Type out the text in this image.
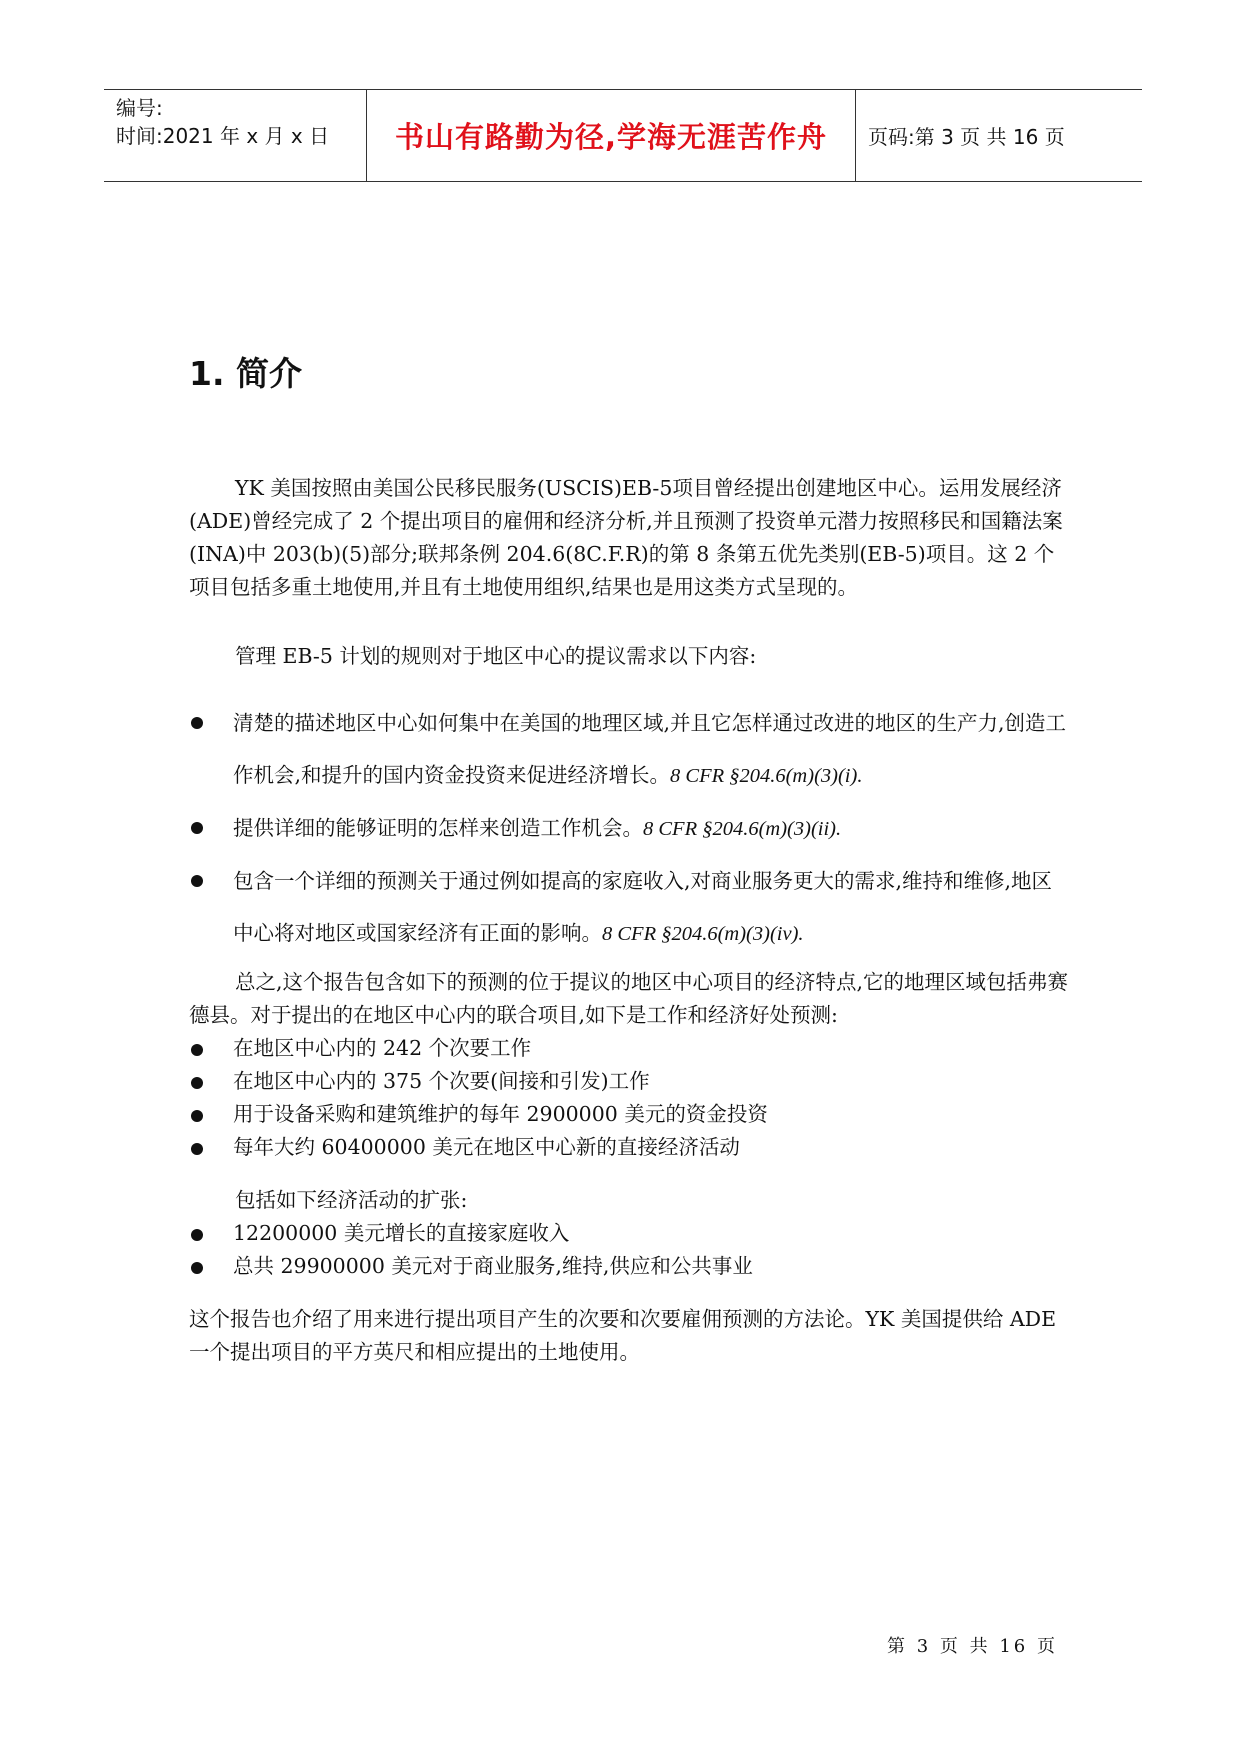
编号:
时间:2021 年 x 月 x 日 书山有路勤为径,学海无涯苦作舟 页码:第 3 页 共 16 页
1. 简介

YK 美国按照由美国公民移民服务(USCIS)EB-5项目曾经提出创建地区中心。运用发展经济(ADE)曾经完成了 2 个提出项目的雇佣和经济分析,并且预测了投资单元潜力按照移民和国籍法案(INA)中 203(b)(5)部分;联邦条例 204.6(8C.F.R)的第 8 条第五优先类别(EB-5)项目。这 2 个项目包括多重土地使用,并且有土地使用组织,结果也是用这类方式呈现的。

管理 EB-5 计划的规则对于地区中心的提议需求以下内容:

清楚的描述地区中心如何集中在美国的地理区域,并且它怎样通过改进的地区的生产力,创造工作机会,和提升的国内资金投资来促进经济增长。8 CFR §204.6(m)(3)(i).

提供详细的能够证明的怎样来创造工作机会。8 CFR §204.6(m)(3)(ii).

包含一个详细的预测关于通过例如提高的家庭收入,对商业服务更大的需求,维持和维修,地区中心将对地区或国家经济有正面的影响。8 CFR §204.6(m)(3)(iv).

总之,这个报告包含如下的预测的位于提议的地区中心项目的经济特点,它的地理区域包括弗赛德县。对于提出的在地区中心内的联合项目,如下是工作和经济好处预测:

在地区中心内的 242 个次要工作

在地区中心内的 375 个次要(间接和引发)工作

用于设备采购和建筑维护的每年 2900000 美元的资金投资

每年大约 60400000 美元在地区中心新的直接经济活动

包括如下经济活动的扩张:

12200000 美元增长的直接家庭收入

总共 29900000 美元对于商业服务,维持,供应和公共事业

这个报告也介绍了用来进行提出项目产生的次要和次要雇佣预测的方法论。YK 美国提供给 ADE 一个提出项目的平方英尺和相应提出的土地使用。

第 3 页 共 16 页
